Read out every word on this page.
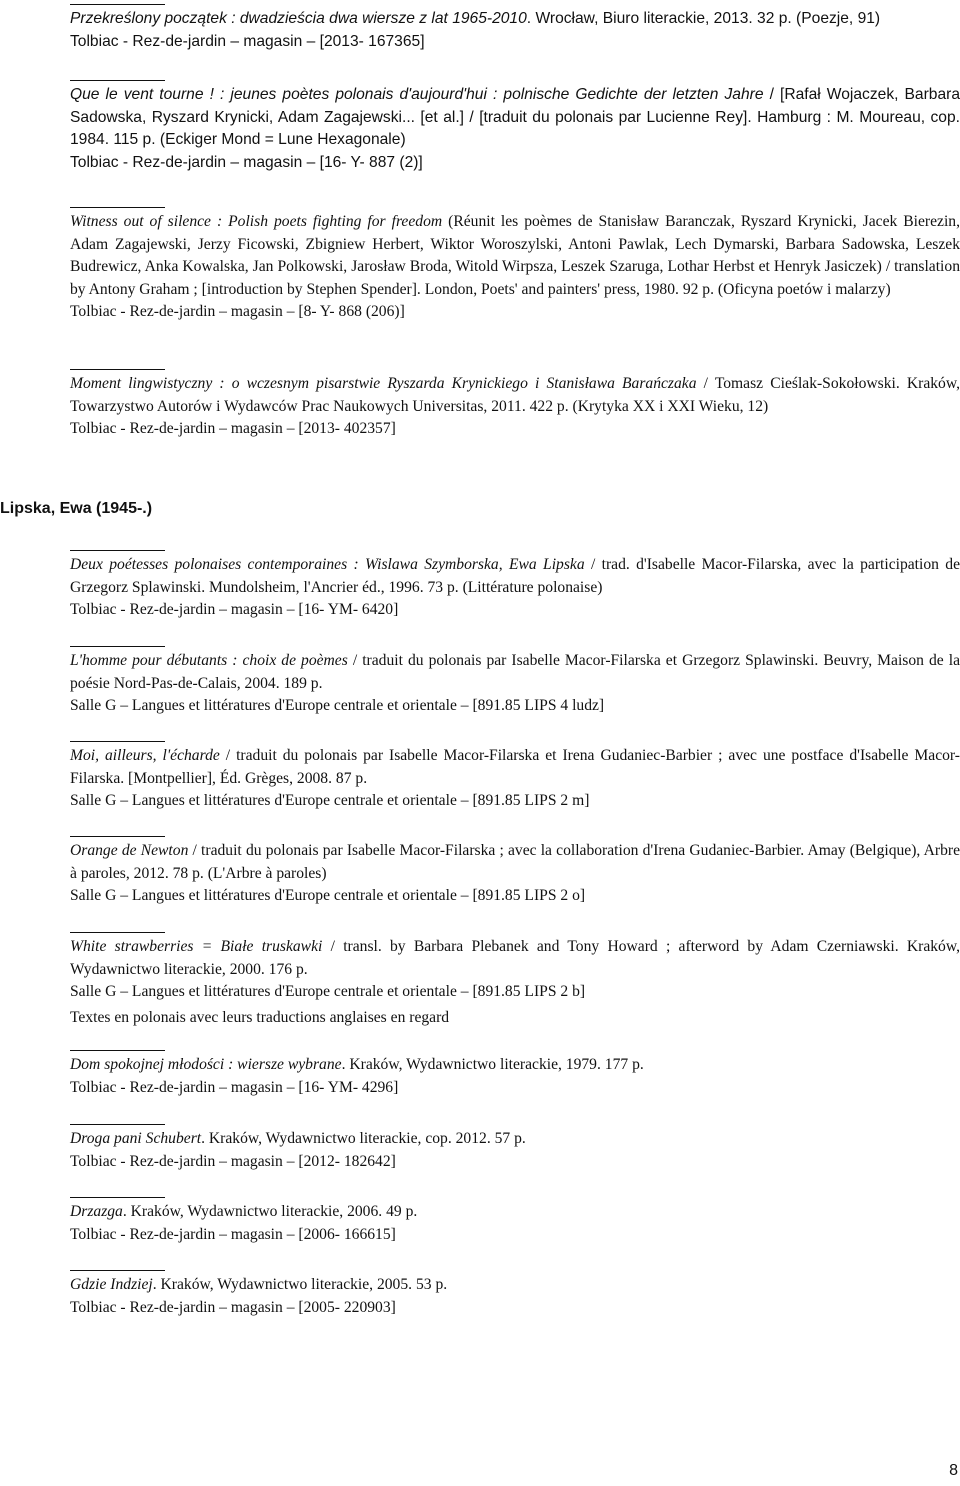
Przekreślony początek : dwadzieścia dwa wiersze z lat 1965-2010. Wrocław, Biuro literackie, 2013. 32 p. (Poezje, 91)
Tolbiac - Rez-de-jardin – magasin – [2013- 167365]
Que le vent tourne ! : jeunes poètes polonais d'aujourd'hui : polnische Gedichte der letzten Jahre / [Rafał Wojaczek, Barbara Sadowska, Ryszard Krynicki, Adam Zagajewski... [et al.] / [traduit du polonais par Lucienne Rey]. Hamburg : M. Moureau, cop. 1984. 115 p. (Eckiger Mond = Lune Hexagonale)
Tolbiac - Rez-de-jardin – magasin – [16- Y- 887 (2)]
Witness out of silence : Polish poets fighting for freedom (Réunit les poèmes de Stanisław Baranczak, Ryszard Krynicki, Jacek Bierezin, Adam Zagajewski, Jerzy Ficowski, Zbigniew Herbert, Wiktor Woroszylski, Antoni Pawlak, Lech Dymarski, Barbara Sadowska, Leszek Budrewicz, Anka Kowalska, Jan Polkowski, Jarosław Broda, Witold Wirpsza, Leszek Szaruga, Lothar Herbst et Henryk Jasiczek) / translation by Antony Graham ; [introduction by Stephen Spender]. London, Poets' and painters' press, 1980. 92 p. (Oficyna poetów i malarzy)
Tolbiac - Rez-de-jardin – magasin – [8- Y- 868 (206)]
Moment lingwistyczny : o wczesnym pisarstwie Ryszarda Krynickiego i Stanisława Barańczaka / Tomasz Cieślak-Sokołowski. Kraków, Towarzystwo Autorów i Wydawców Prac Naukowych Universitas, 2011. 422 p. (Krytyka XX i XXI Wieku, 12)
Tolbiac - Rez-de-jardin – magasin – [2013- 402357]
Lipska, Ewa (1945-.)
Deux poétesses polonaises contemporaines : Wislawa Szymborska, Ewa Lipska / trad. d'Isabelle Macor-Filarska, avec la participation de Grzegorz Splawinski. Mundolsheim, l'Ancrier éd., 1996. 73 p. (Littérature polonaise)
Tolbiac - Rez-de-jardin – magasin – [16- YM- 6420]
L'homme pour débutants : choix de poèmes / traduit du polonais par Isabelle Macor-Filarska et Grzegorz Splawinski. Beuvry, Maison de la poésie Nord-Pas-de-Calais, 2004. 189 p.
Salle G – Langues et littératures d'Europe centrale et orientale – [891.85 LIPS 4 ludz]
Moi, ailleurs, l'écharde / traduit du polonais par Isabelle Macor-Filarska et Irena Gudaniec-Barbier ; avec une postface d'Isabelle Macor-Filarska. [Montpellier], Éd. Grèges, 2008. 87 p.
Salle G – Langues et littératures d'Europe centrale et orientale – [891.85 LIPS 2 m]
Orange de Newton / traduit du polonais par Isabelle Macor-Filarska ; avec la collaboration d'Irena Gudaniec-Barbier. Amay (Belgique), Arbre à paroles, 2012. 78 p. (L'Arbre à paroles)
Salle G – Langues et littératures d'Europe centrale et orientale – [891.85 LIPS 2 o]
White strawberries = Białe truskawki / transl. by Barbara Plebanek and Tony Howard ; afterword by Adam Czerniawski. Kraków, Wydawnictwo literackie, 2000. 176 p.
Salle G – Langues et littératures d'Europe centrale et orientale – [891.85 LIPS 2 b]
Textes en polonais avec leurs traductions anglaises en regard
Dom spokojnej młodości : wiersze wybrane. Kraków, Wydawnictwo literackie, 1979. 177 p.
Tolbiac - Rez-de-jardin – magasin – [16- YM- 4296]
Droga pani Schubert. Kraków, Wydawnictwo literackie, cop. 2012. 57 p.
Tolbiac - Rez-de-jardin – magasin – [2012- 182642]
Drzazga. Kraków, Wydawnictwo literackie, 2006. 49 p.
Tolbiac - Rez-de-jardin – magasin – [2006- 166615]
Gdzie Indziej. Kraków, Wydawnictwo literackie, 2005. 53 p.
Tolbiac - Rez-de-jardin – magasin – [2005- 220903]
8
